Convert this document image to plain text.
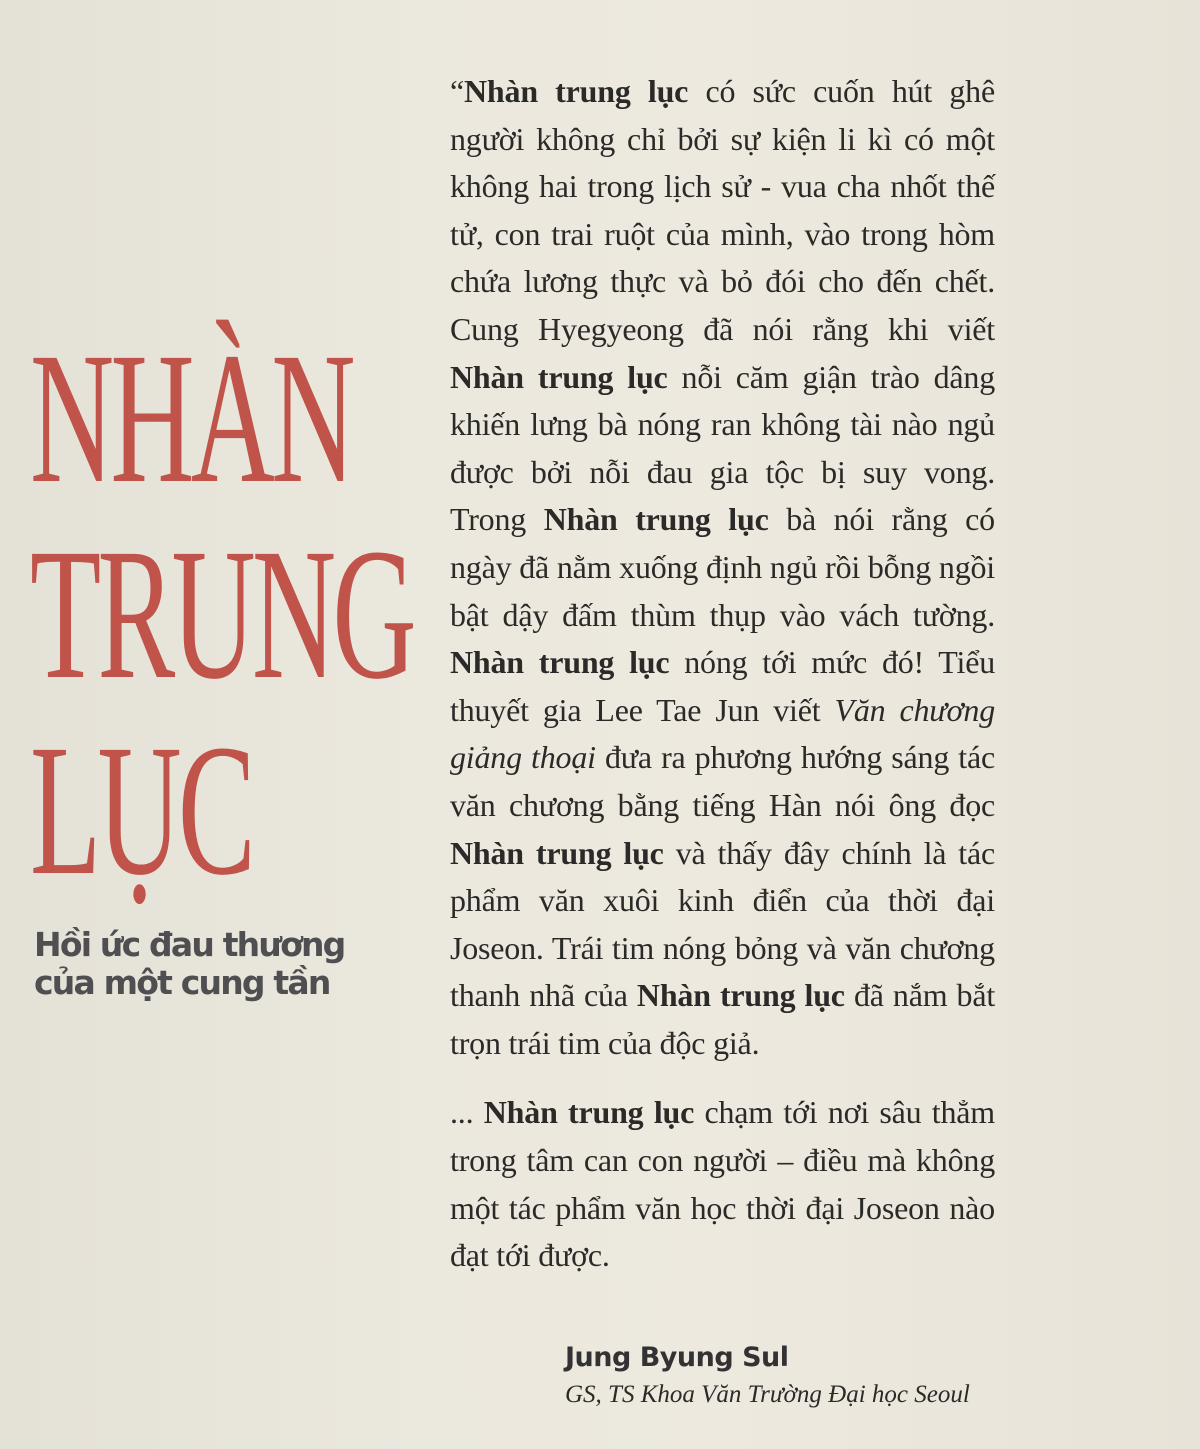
NHÀN
TRUNG
LỤC
Hồi ức đau thương
của một cung tần

“Nhàn trung lục có sức cuốn hút ghê người không chỉ bởi sự kiện li kì có một không hai trong lịch sử - vua cha nhốt thế tử, con trai ruột của mình, vào trong hòm chứa lương thực và bỏ đói cho đến chết. Cung Hyegyeong đã nói rằng khi viết Nhàn trung lục nỗi căm giận trào dâng khiến lưng bà nóng ran không tài nào ngủ được bởi nỗi đau gia tộc bị suy vong. Trong Nhàn trung lục bà nói rằng có ngày đã nằm xuống định ngủ rồi bỗng ngồi bật dậy đấm thùm thụp vào vách tường. Nhàn trung lục nóng tới mức đó! Tiểu thuyết gia Lee Tae Jun viết Văn chương giảng thoại đưa ra phương hướng sáng tác văn chương bằng tiếng Hàn nói ông đọc Nhàn trung lục và thấy đây chính là tác phẩm văn xuôi kinh điển của thời đại Joseon. Trái tim nóng bỏng và văn chương thanh nhã của Nhàn trung lục đã nắm bắt trọn trái tim của độc giả.

... Nhàn trung lục chạm tới nơi sâu thẳm trong tâm can con người – điều mà không một tác phẩm văn học thời đại Joseon nào đạt tới được.

Jung Byung Sul

GS, TS Khoa Văn Trường Đại học Seoul
